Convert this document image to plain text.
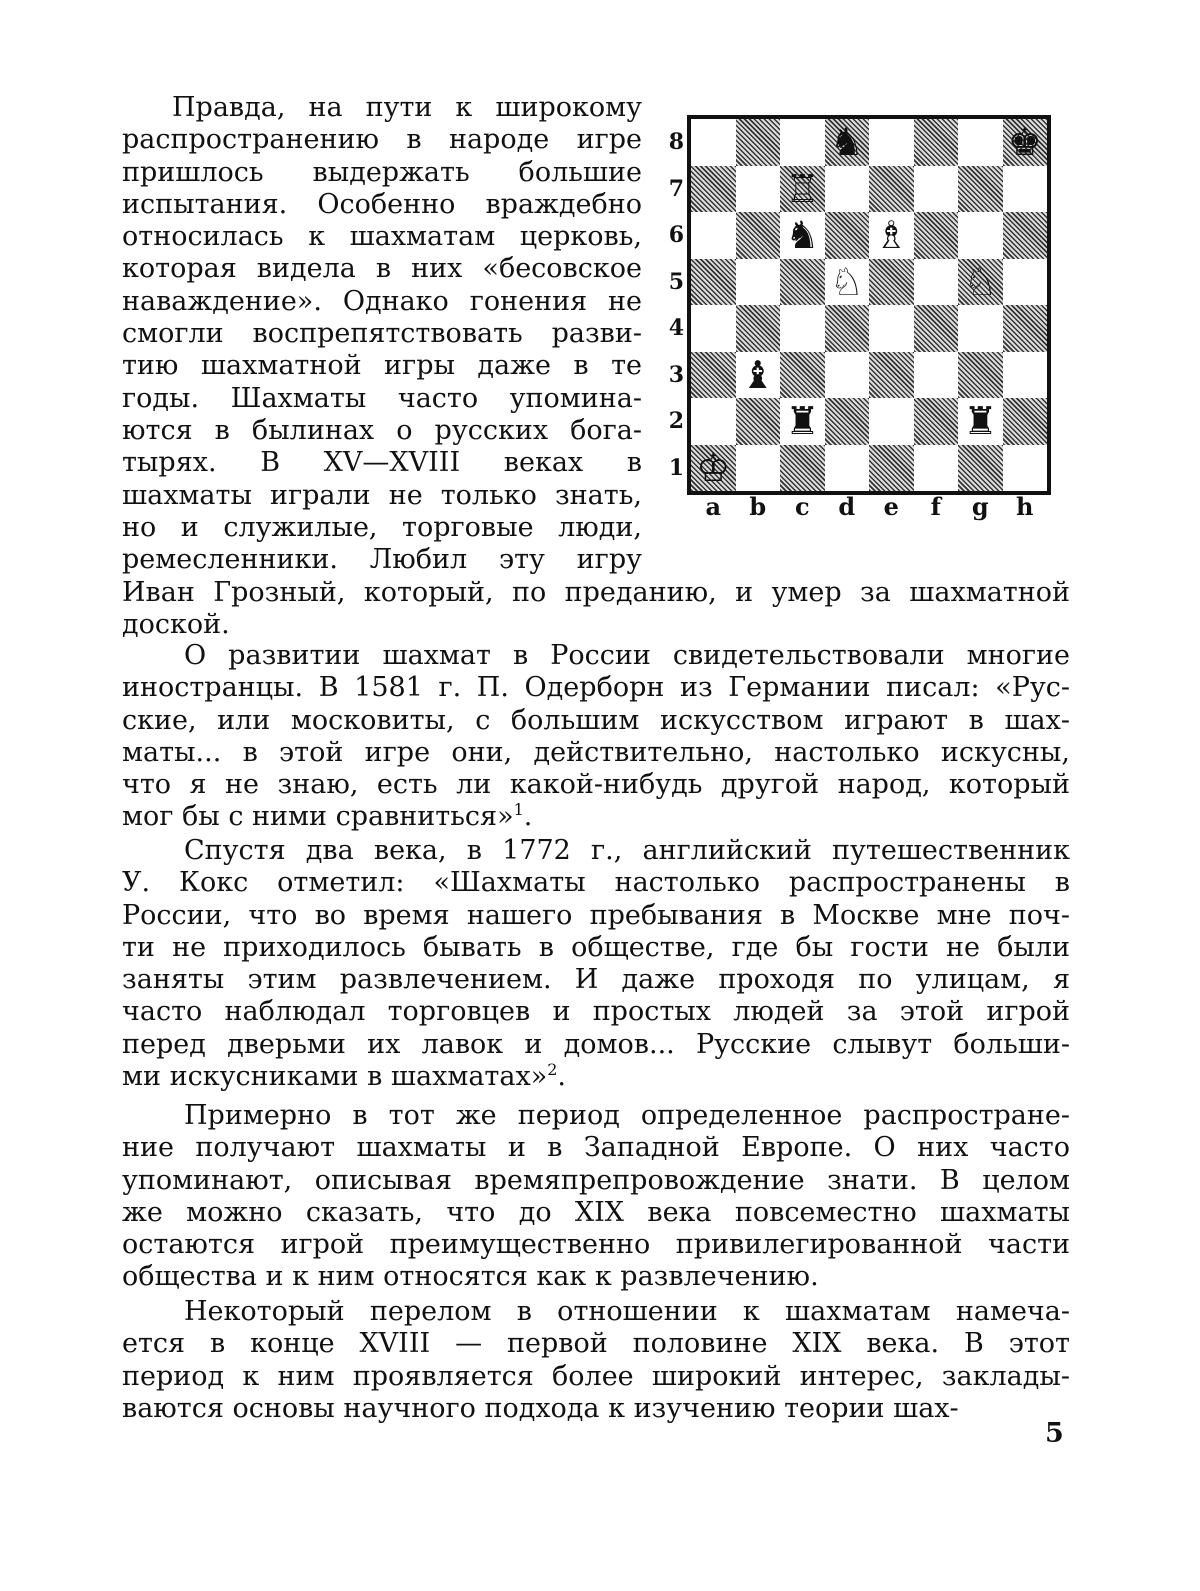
Правда, на пути к широкому
распространению в народе игре
пришлось выдержать большие
испытания. Особенно враждебно
относилась к шахматам церковь,
которая видела в них «бесовское
наваждение». Однако гонения не
смогли воспрепятствовать разви-
тию шахматной игры даже в те
годы. Шахматы часто упомина-
ются в былинах о русских бога-
тырях. В XV—XVIII веках в
шахматы играли не только знать,
но и служилые, торговые люди,
ремесленники. Любил эту игру
Иван Грозный, который, по преданию, и умер за шахматной
доской.
♞	♚
♖
♞ ♗
♘	♘
♝
♜	♜
♔
8
7
6
5
4
3
2
1
a	b	c	d	e	f	g	h
О развитии шахмат в России свидетельствовали многие
иностранцы. В 1581 г. П. Одерборн из Германии писал: «Рус-
ские, или московиты, с большим искусством играют в шах-
маты... в этой игре они, действительно, настолько искусны,
что я не знаю, есть ли какой-нибудь другой народ, который
мог бы с ними сравниться»$^1$.
Спустя два века, в 1772 г., английский путешественник
У. Кокс отметил: «Шахматы настолько распространены в
России, что во время нашего пребывания в Москве мне поч-
ти не приходилось бывать в обществе, где бы гости не были
заняты этим развлечением. И даже проходя по улицам, я
часто наблюдал торговцев и простых людей за этой игрой
перед дверьми их лавок и домов... Русские слывут больши-
ми искусниками в шахматах»$^2$.
Примерно в тот же период определенное распростране-
ние получают шахматы и в Западной Европе. О них часто
упоминают, описывая времяпрепровождение знати. В целом
же можно сказать, что до XIX века повсеместно шахматы
остаются игрой преимущественно привилегированной части
общества и к ним относятся как к развлечению.
Некоторый перелом в отношении к шахматам намеча-
ется в конце XVIII — первой половине XIX века. В этот
период к ним проявляется более широкий интерес, заклады-
ваются основы научного подхода к изучению теории шах-
5
